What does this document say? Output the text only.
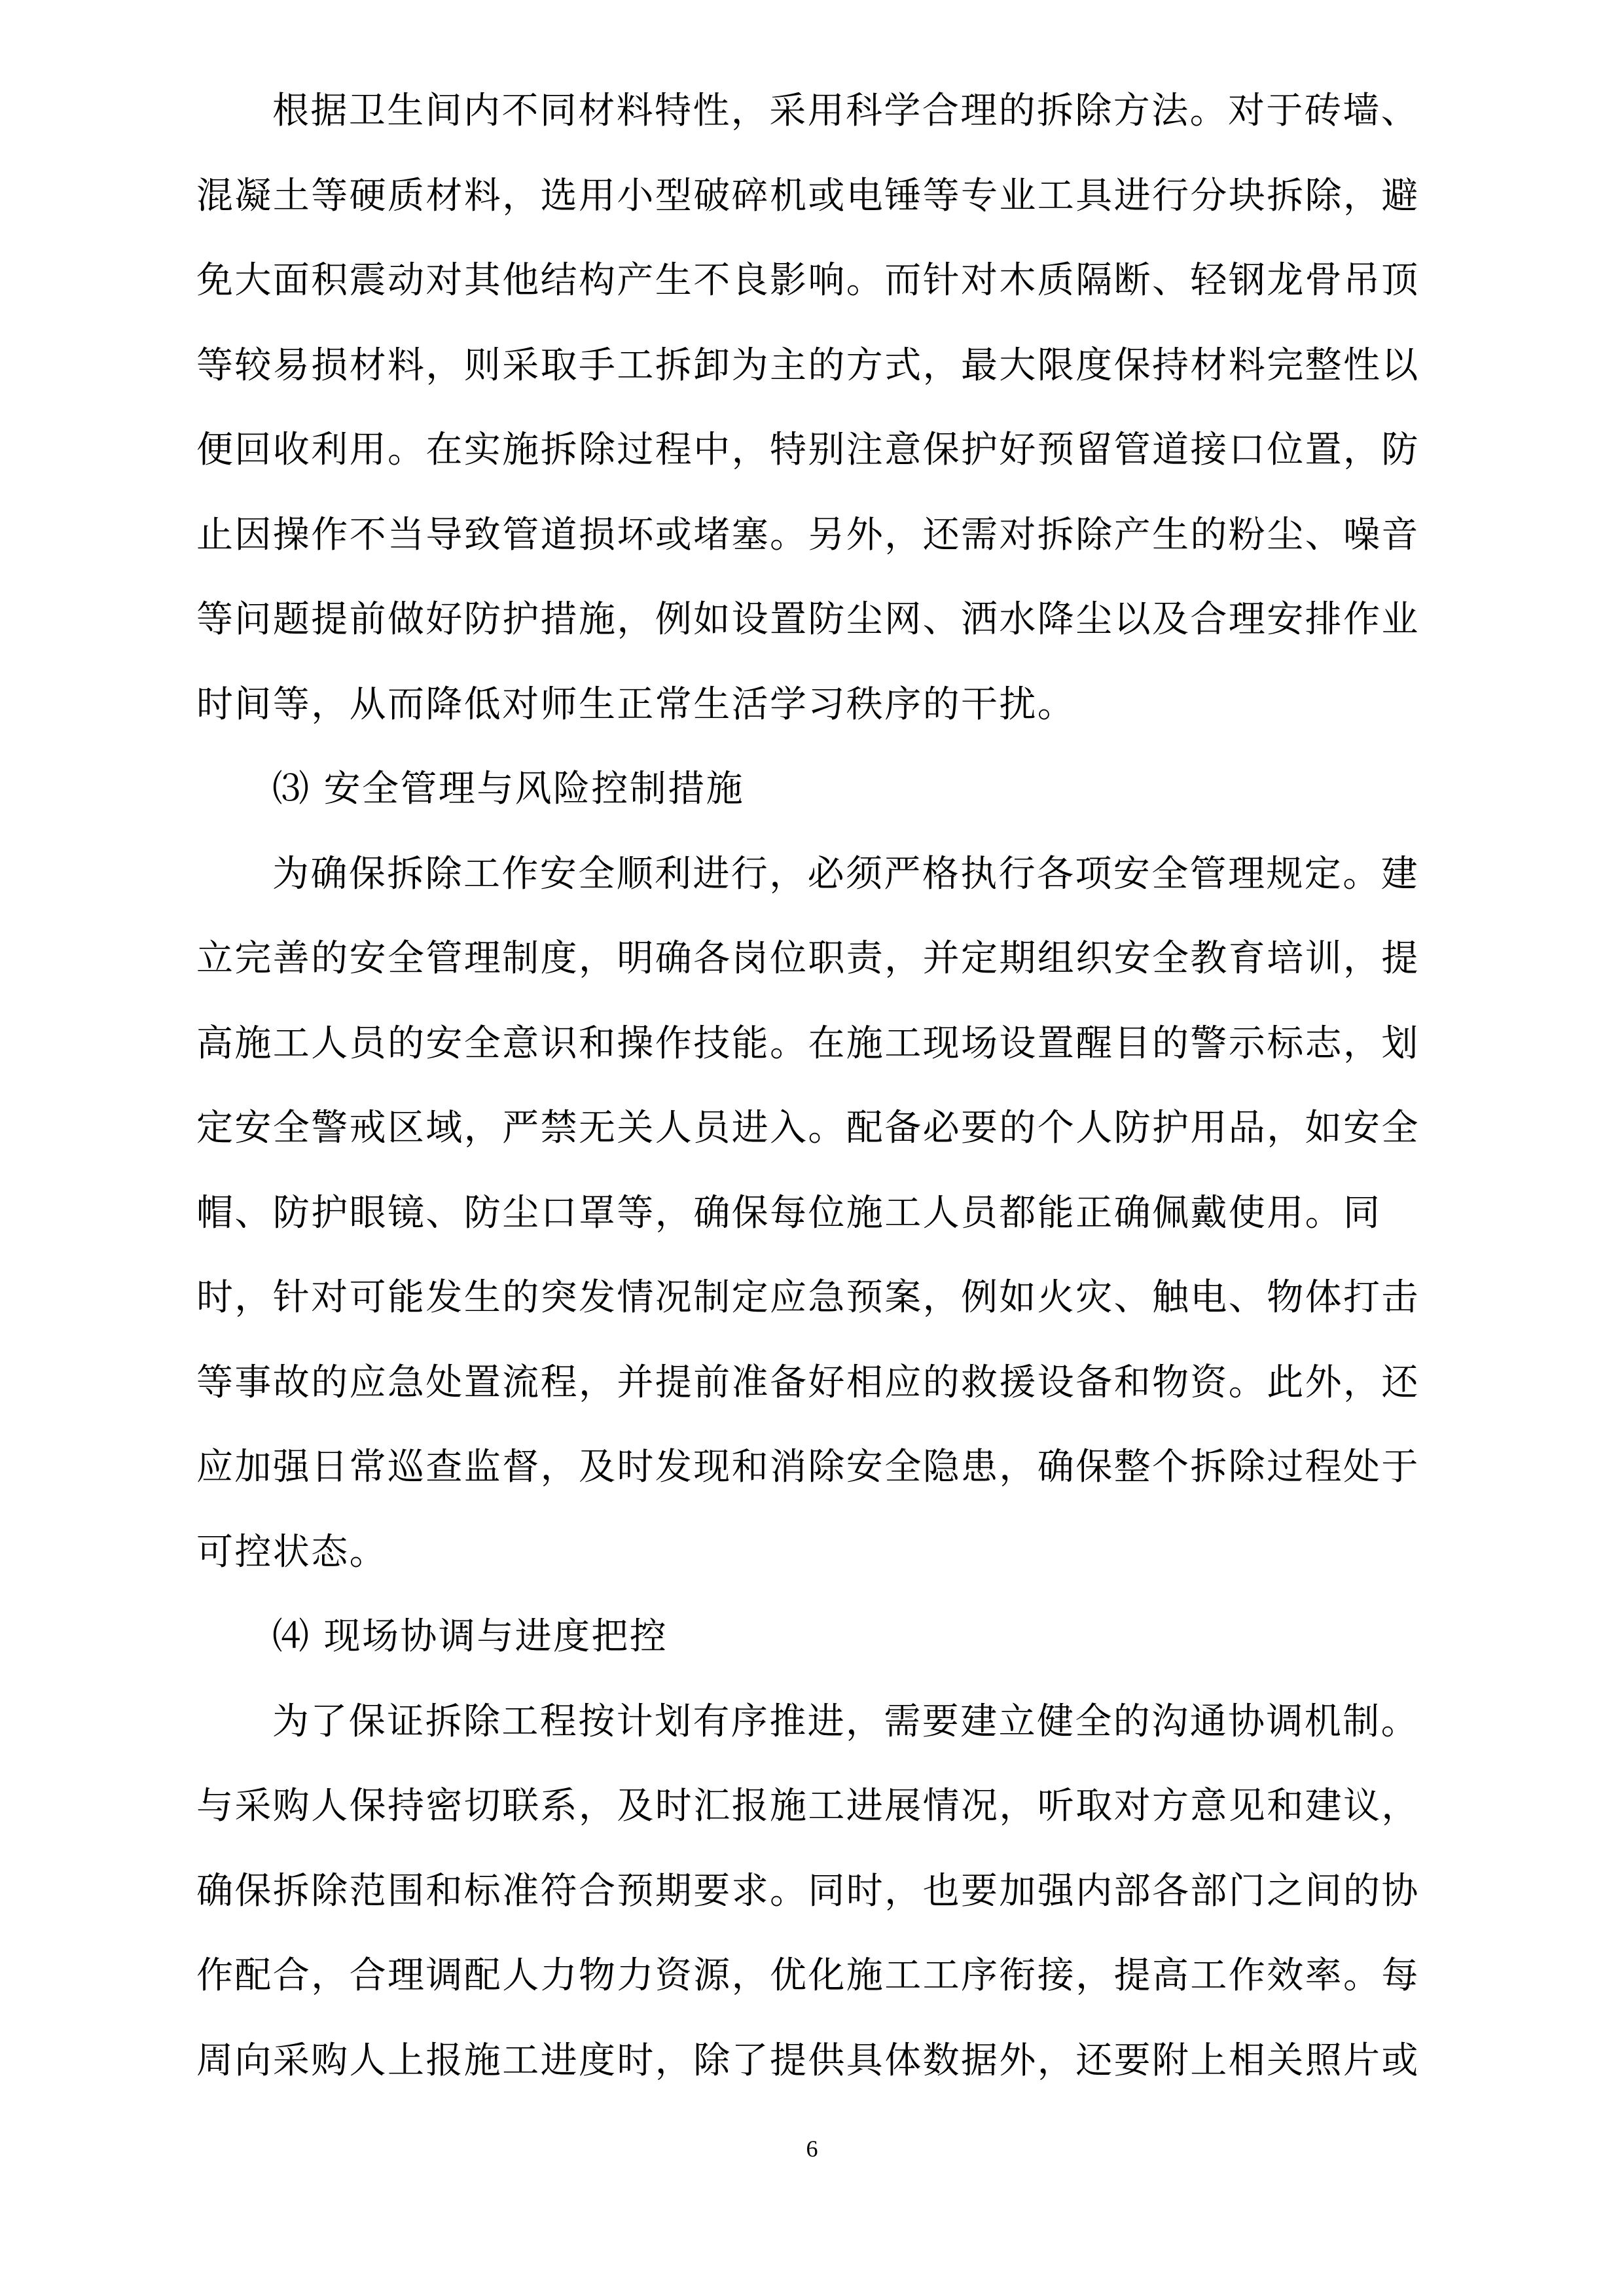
根据卫生间内不同材料特性，采用科学合理的拆除方法。对于砖墙、
混凝土等硬质材料，选用小型破碎机或电锤等专业工具进行分块拆除，避
免大面积震动对其他结构产生不良影响。而针对木质隔断、轻钢龙骨吊顶
等较易损材料，则采取手工拆卸为主的方式，最大限度保持材料完整性以
便回收利用。在实施拆除过程中，特别注意保护好预留管道接口位置，防
止因操作不当导致管道损坏或堵塞。另外，还需对拆除产生的粉尘、噪音
等问题提前做好防护措施，例如设置防尘网、洒水降尘以及合理安排作业
时间等，从而降低对师生正常生活学习秩序的干扰。
⑶ 安全管理与风险控制措施
为确保拆除工作安全顺利进行，必须严格执行各项安全管理规定。建
立完善的安全管理制度，明确各岗位职责，并定期组织安全教育培训，提
高施工人员的安全意识和操作技能。在施工现场设置醒目的警示标志，划
定安全警戒区域，严禁无关人员进入。配备必要的个人防护用品，如安全
帽、防护眼镜、防尘口罩等，确保每位施工人员都能正确佩戴使用。同
时，针对可能发生的突发情况制定应急预案，例如火灾、触电、物体打击
等事故的应急处置流程，并提前准备好相应的救援设备和物资。此外，还
应加强日常巡查监督，及时发现和消除安全隐患，确保整个拆除过程处于
可控状态。
⑷ 现场协调与进度把控
为了保证拆除工程按计划有序推进，需要建立健全的沟通协调机制。
与采购人保持密切联系，及时汇报施工进展情况，听取对方意见和建议，
确保拆除范围和标准符合预期要求。同时，也要加强内部各部门之间的协
作配合，合理调配人力物力资源，优化施工工序衔接，提高工作效率。每
周向采购人上报施工进度时，除了提供具体数据外，还要附上相关照片或
6
